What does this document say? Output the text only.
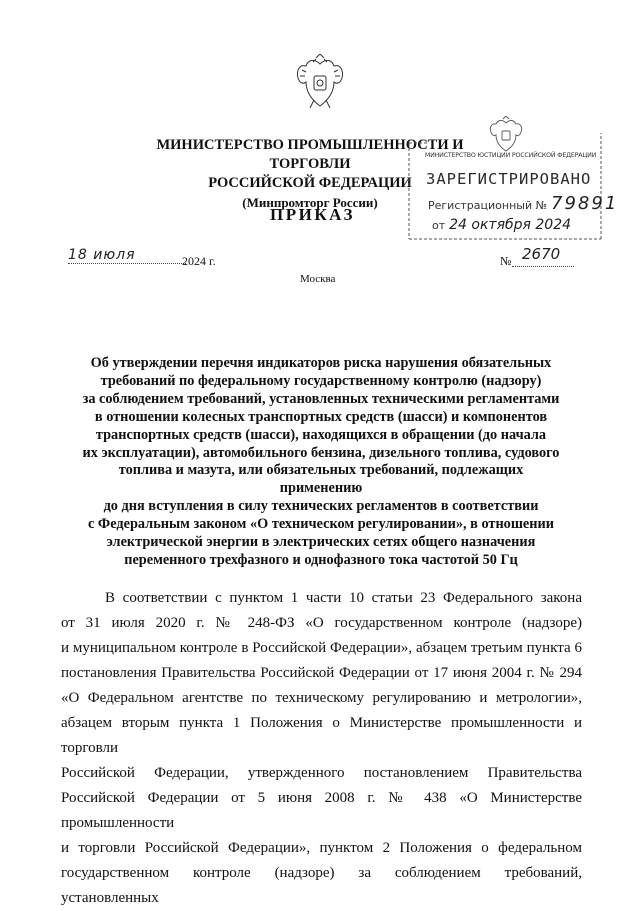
МИНИСТЕРСТВО ПРОМЫШЛЕННОСТИ И ТОРГОВЛИ
РОССИЙСКОЙ ФЕДЕРАЦИИ
(Минпромторг России)
ПРИКАЗ
МИНИСТЕРСТВО ЮСТИЦИИ РОССИЙСКОЙ ФЕДЕРАЦИИ
ЗАРЕГИСТРИРОВАНО
Регистрационный № 79891
от 24 октября 2024
18 июля	2024 г.	№ 2670
Москва
Об утверждении перечня индикаторов риска нарушения обязательных
требований по федеральному государственному контролю (надзору)
за соблюдением требований, установленных техническими регламентами
в отношении колесных транспортных средств (шасси) и компонентов
транспортных средств (шасси), находящихся в обращении (до начала
их эксплуатации), автомобильного бензина, дизельного топлива, судового
топлива и мазута, или обязательных требований, подлежащих применению
до дня вступления в силу технических регламентов в соответствии
с Федеральным законом «О техническом регулировании», в отношении
электрической энергии в электрических сетях общего назначения
переменного трехфазного и однофазного тока частотой 50 Гц

В соответствии с пунктом 1 части 10 статьи 23 Федерального закона

от 31 июля 2020 г. № 248-ФЗ «О государственном контроле (надзоре)

и муниципальном контроле в Российской Федерации», абзацем третьим пункта 6

постановления Правительства Российской Федерации от 17 июня 2004 г. № 294

«О Федеральном агентстве по техническому регулированию и метрологии»,

абзацем вторым пункта 1 Положения о Министерстве промышленности и торговли

Российской Федерации, утвержденного постановлением Правительства

Российской Федерации от 5 июня 2008 г. № 438 «О Министерстве промышленности

и торговли Российской Федерации», пунктом 2 Положения о федеральном

государственном контроле (надзоре) за соблюдением требований, установленных
